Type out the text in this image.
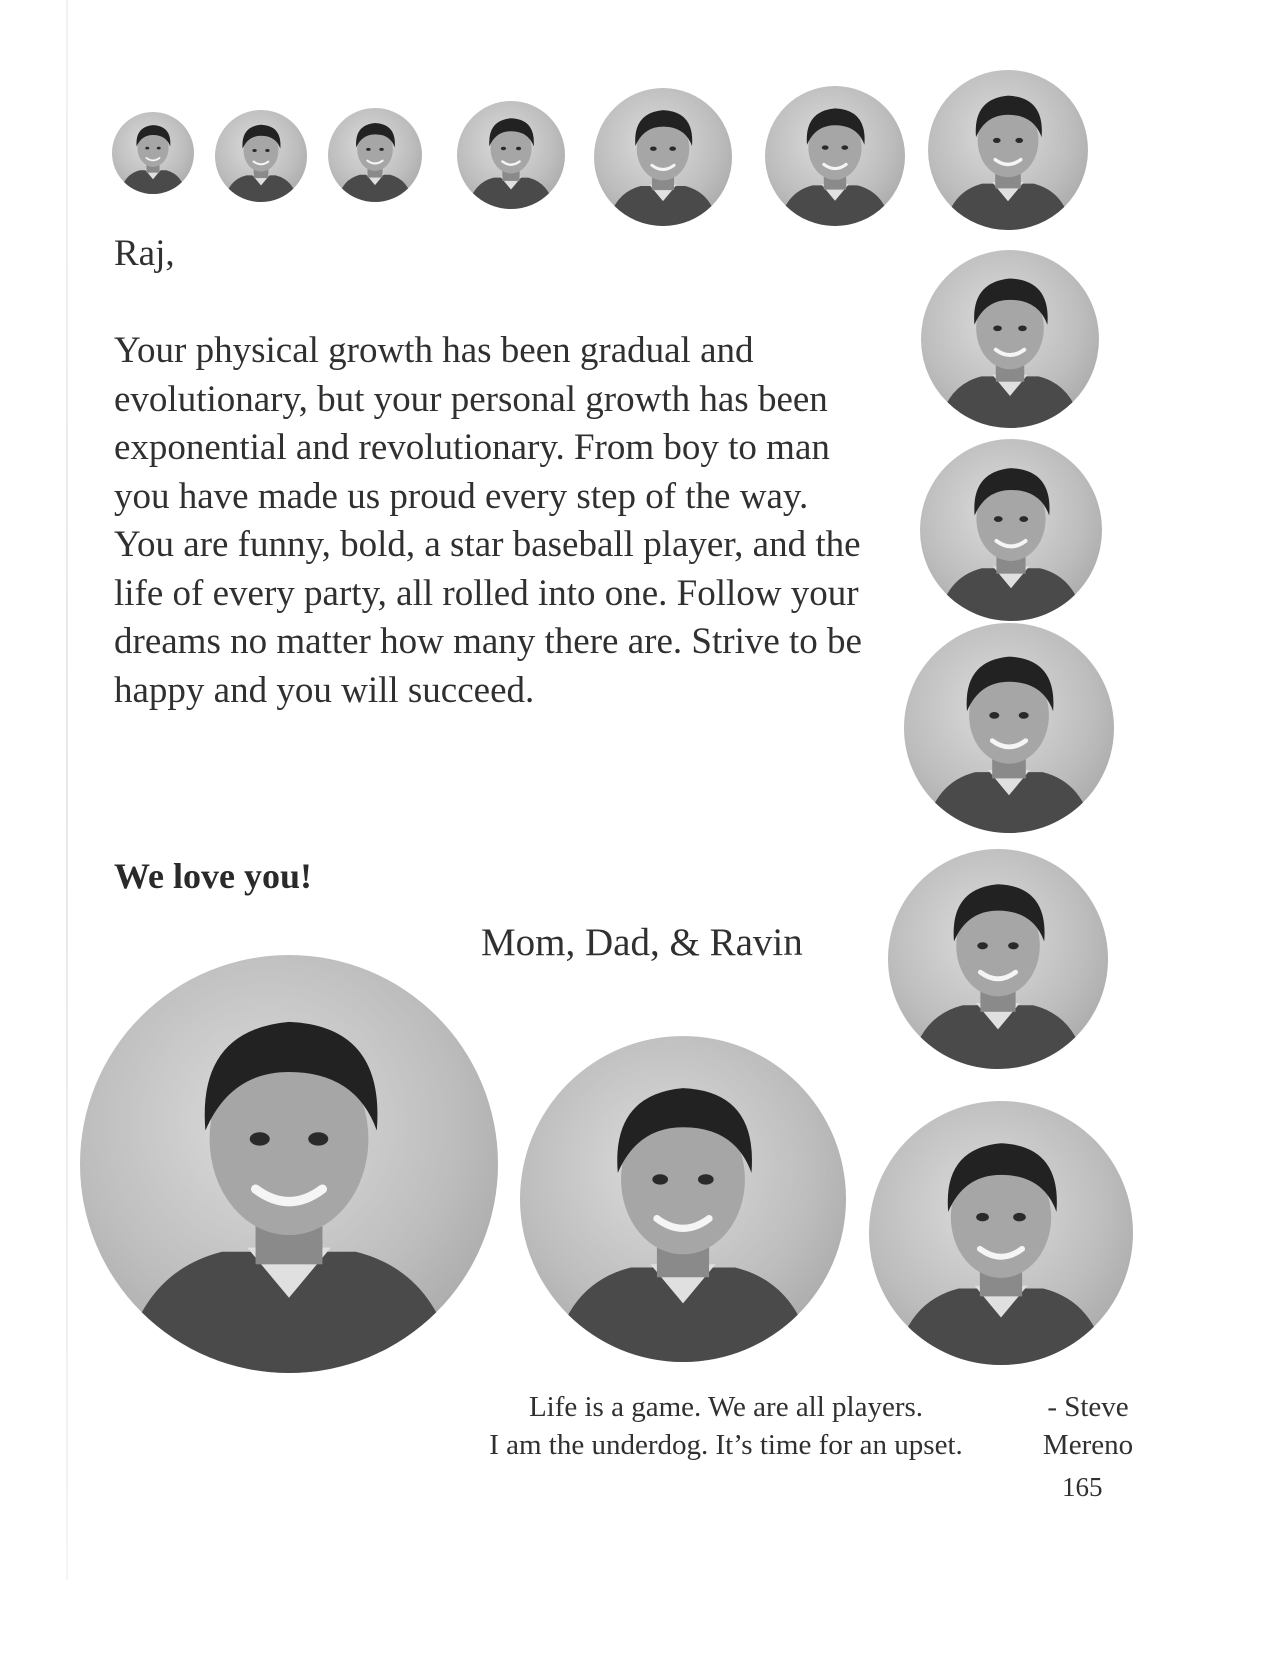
Raj,

Your physical growth has been gradual and evolutionary, but your personal growth has been exponential and revolutionary. From boy to man you have made us proud every step of the way.

You are funny, bold, a star baseball player, and the life of every party, all rolled into one. Follow your dreams no matter how many there are. Strive to be happy and you will succeed.

We love you!
Mom, Dad, & Ravin
Life is a game. We are all players.
I am the underdog. It’s time for an upset.
- Steve
Mereno
165
